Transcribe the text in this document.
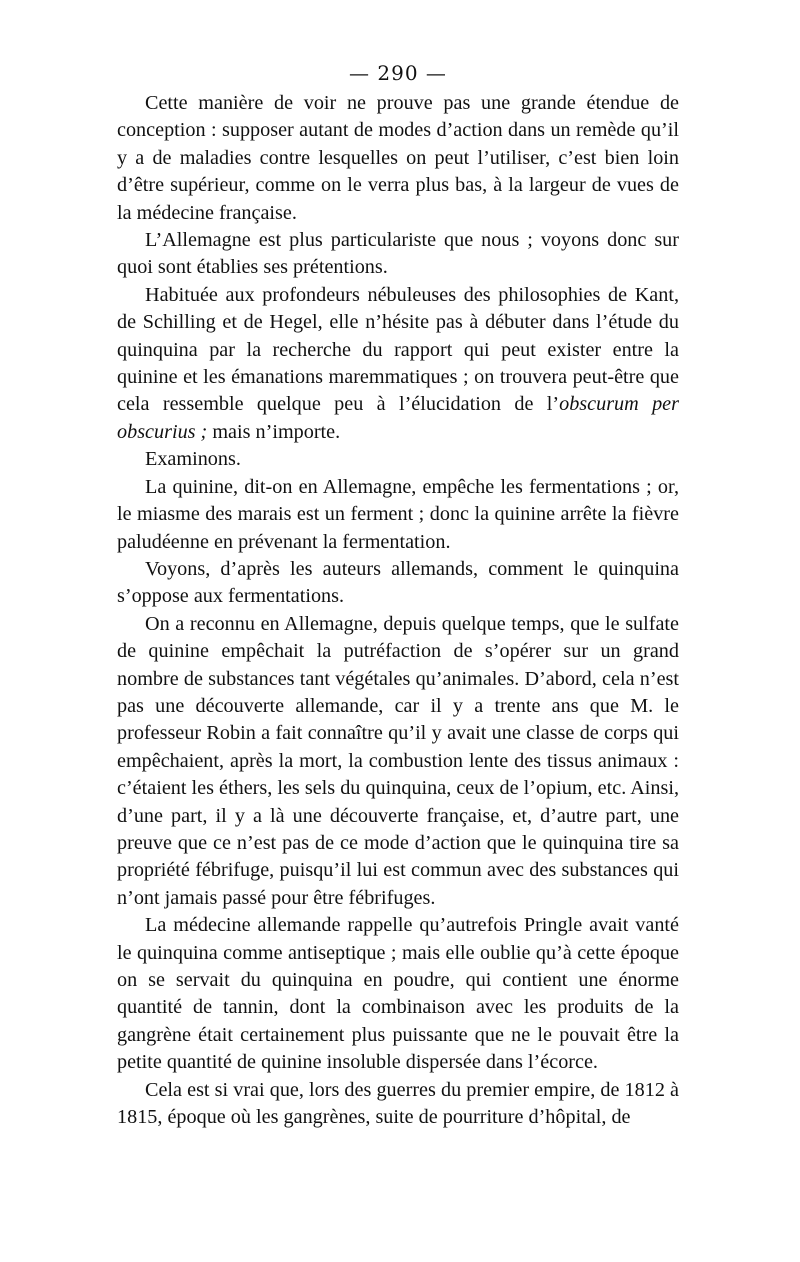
— 290 —

Cette manière de voir ne prouve pas une grande étendue de conception : supposer autant de modes d’action dans un remède qu’il y a de maladies contre lesquelles on peut l’utiliser, c’est bien loin d’être supérieur, comme on le verra plus bas, à la largeur de vues de la médecine française.

L’Allemagne est plus particulariste que nous ; voyons donc sur quoi sont établies ses prétentions.

Habituée aux profondeurs nébuleuses des philosophies de Kant, de Schilling et de Hegel, elle n’hésite pas à débuter dans l’étude du quinquina par la recherche du rapport qui peut exister entre la quinine et les émanations maremmatiques ; on trouvera peut-être que cela ressemble quelque peu à l’élucidation de l’obscurum per obscurius ; mais n’importe.

Examinons.

La quinine, dit-on en Allemagne, empêche les fermentations ; or, le miasme des marais est un ferment ; donc la quinine arrête la fièvre paludéenne en prévenant la fermentation.

Voyons, d’après les auteurs allemands, comment le quinquina s’oppose aux fermentations.

On a reconnu en Allemagne, depuis quelque temps, que le sulfate de quinine empêchait la putréfaction de s’opérer sur un grand nombre de substances tant végétales qu’animales. D’abord, cela n’est pas une découverte allemande, car il y a trente ans que M. le professeur Robin a fait connaître qu’il y avait une classe de corps qui empêchaient, après la mort, la combustion lente des tissus animaux : c’étaient les éthers, les sels du quinquina, ceux de l’opium, etc. Ainsi, d’une part, il y a là une découverte française, et, d’autre part, une preuve que ce n’est pas de ce mode d’action que le quinquina tire sa propriété fébrifuge, puisqu’il lui est commun avec des substances qui n’ont jamais passé pour être fébrifuges.

La médecine allemande rappelle qu’autrefois Pringle avait vanté le quinquina comme antiseptique ; mais elle oublie qu’à cette époque on se servait du quinquina en poudre, qui contient une énorme quantité de tannin, dont la combinaison avec les produits de la gangrène était certainement plus puissante que ne le pouvait être la petite quantité de quinine insoluble dispersée dans l’écorce.

Cela est si vrai que, lors des guerres du premier empire, de 1812 à 1815, époque où les gangrènes, suite de pourriture d’hôpital, de
